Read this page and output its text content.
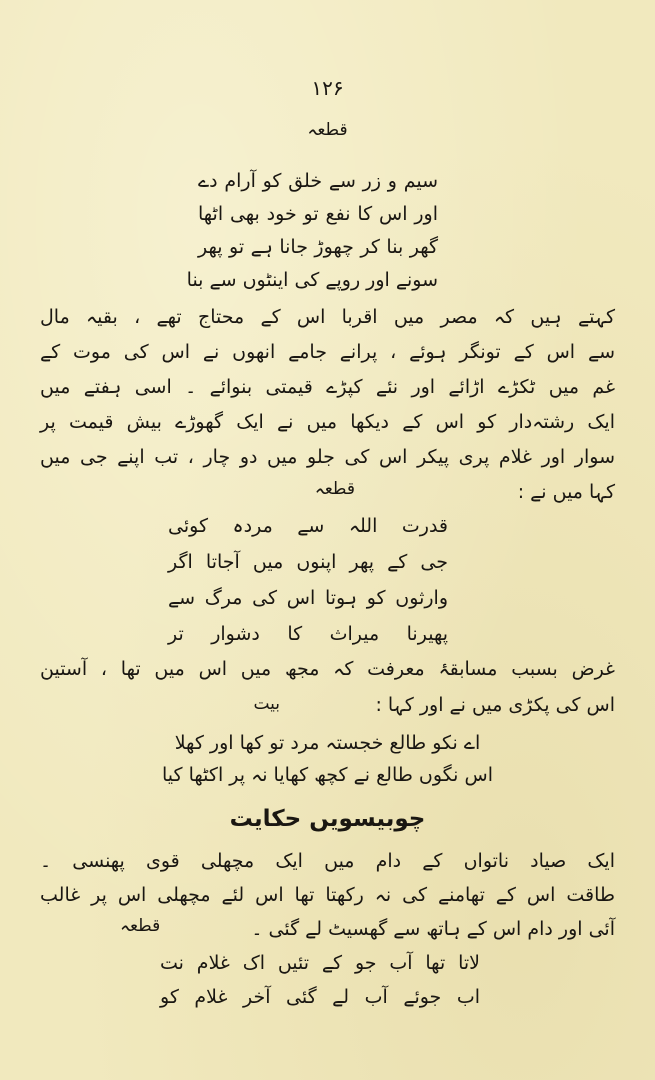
۱۲۶
قطعہ
سیم و زر سے خلق کو آرام دے
اور اس کا نفع تو خود بھی اٹھا
گھر بنا کر چھوڑ جانا ہے تو پھر
سونے اور روپے کی اینٹوں سے بنا
کہتے ہیں کہ مصر میں اقربا اس کے محتاج تھے ، بقیہ مال
سے اس کے تونگر ہوئے ، پرانے جامے انھوں نے اس کی موت کے
غم میں ٹکڑے اڑائے اور نئے کپڑے قیمتی بنوائے ۔ اسی ہفتے میں
ایک رشتہ‌دار کو اس کے دیکھا میں نے ایک گھوڑے بیش قیمت پر
سوار اور غلام پری پیکر اس کی جلو میں دو چار ، تب اپنے جی میں
کہا میں نے :
قطعہ
قدرت اللہ سے مردہ کوئی
جی کے پھر اپنوں میں آجاتا اگر
وارثوں کو ہوتا اس کی مرگ سے
پھیرنا میراث کا دشوار تر
غرض بسبب مسابقۂ معرفت کہ مجھ میں اس میں تھا ، آستین
اس کی پکڑی میں نے اور کہا :
بیت
اے نکو طالع خجستہ مرد تو کھا اور کھلا
اس نگوں طالع نے کچھ کھایا نہ پر اکٹھا کیا
چوبیسویں حکایت
ایک صیاد ناتواں کے دام میں ایک مچھلی قوی پھنسی ۔
طاقت اس کے تھامنے کی نہ رکھتا تھا اس لئے مچھلی اس پر غالب
آئی اور دام اس کے ہاتھ سے گھسیٹ لے گئی ۔
قطعہ
لاتا تھا آب جو کے تئیں اک غلام نت
اب جوئے آب لے گئی آخر غلام کو
